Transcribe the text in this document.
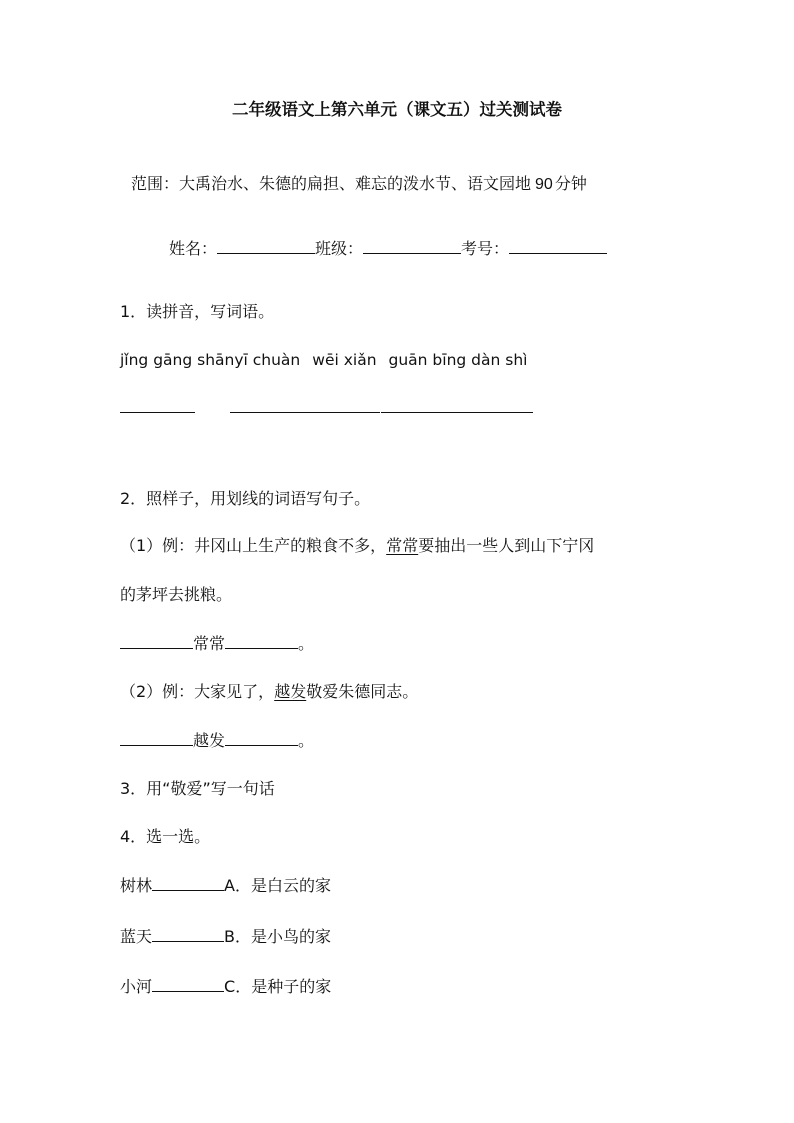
二年级语文上第六单元（课文五）过关测试卷
范围：大禹治水、朱德的扁担、难忘的泼水节、语文园地 90 分钟
姓名：	班级：	考号：
1．读拼音，写词语。
jǐng gāng shānyī chuàn wēi xiǎn guān bīng dàn shì
2．照样子，用划线的词语写句子。
（1）例：井冈山上生产的粮食不多，常常要抽出一些人到山下宁冈
的茅坪去挑粮。
常常	。
（2）例：大家见了，越发敬爱朱德同志。
越发	。
3．用“敬爱”写一句话
4．选一选。
树林	A．是白云的家
蓝天	B．是小鸟的家
小河	C．是种子的家
